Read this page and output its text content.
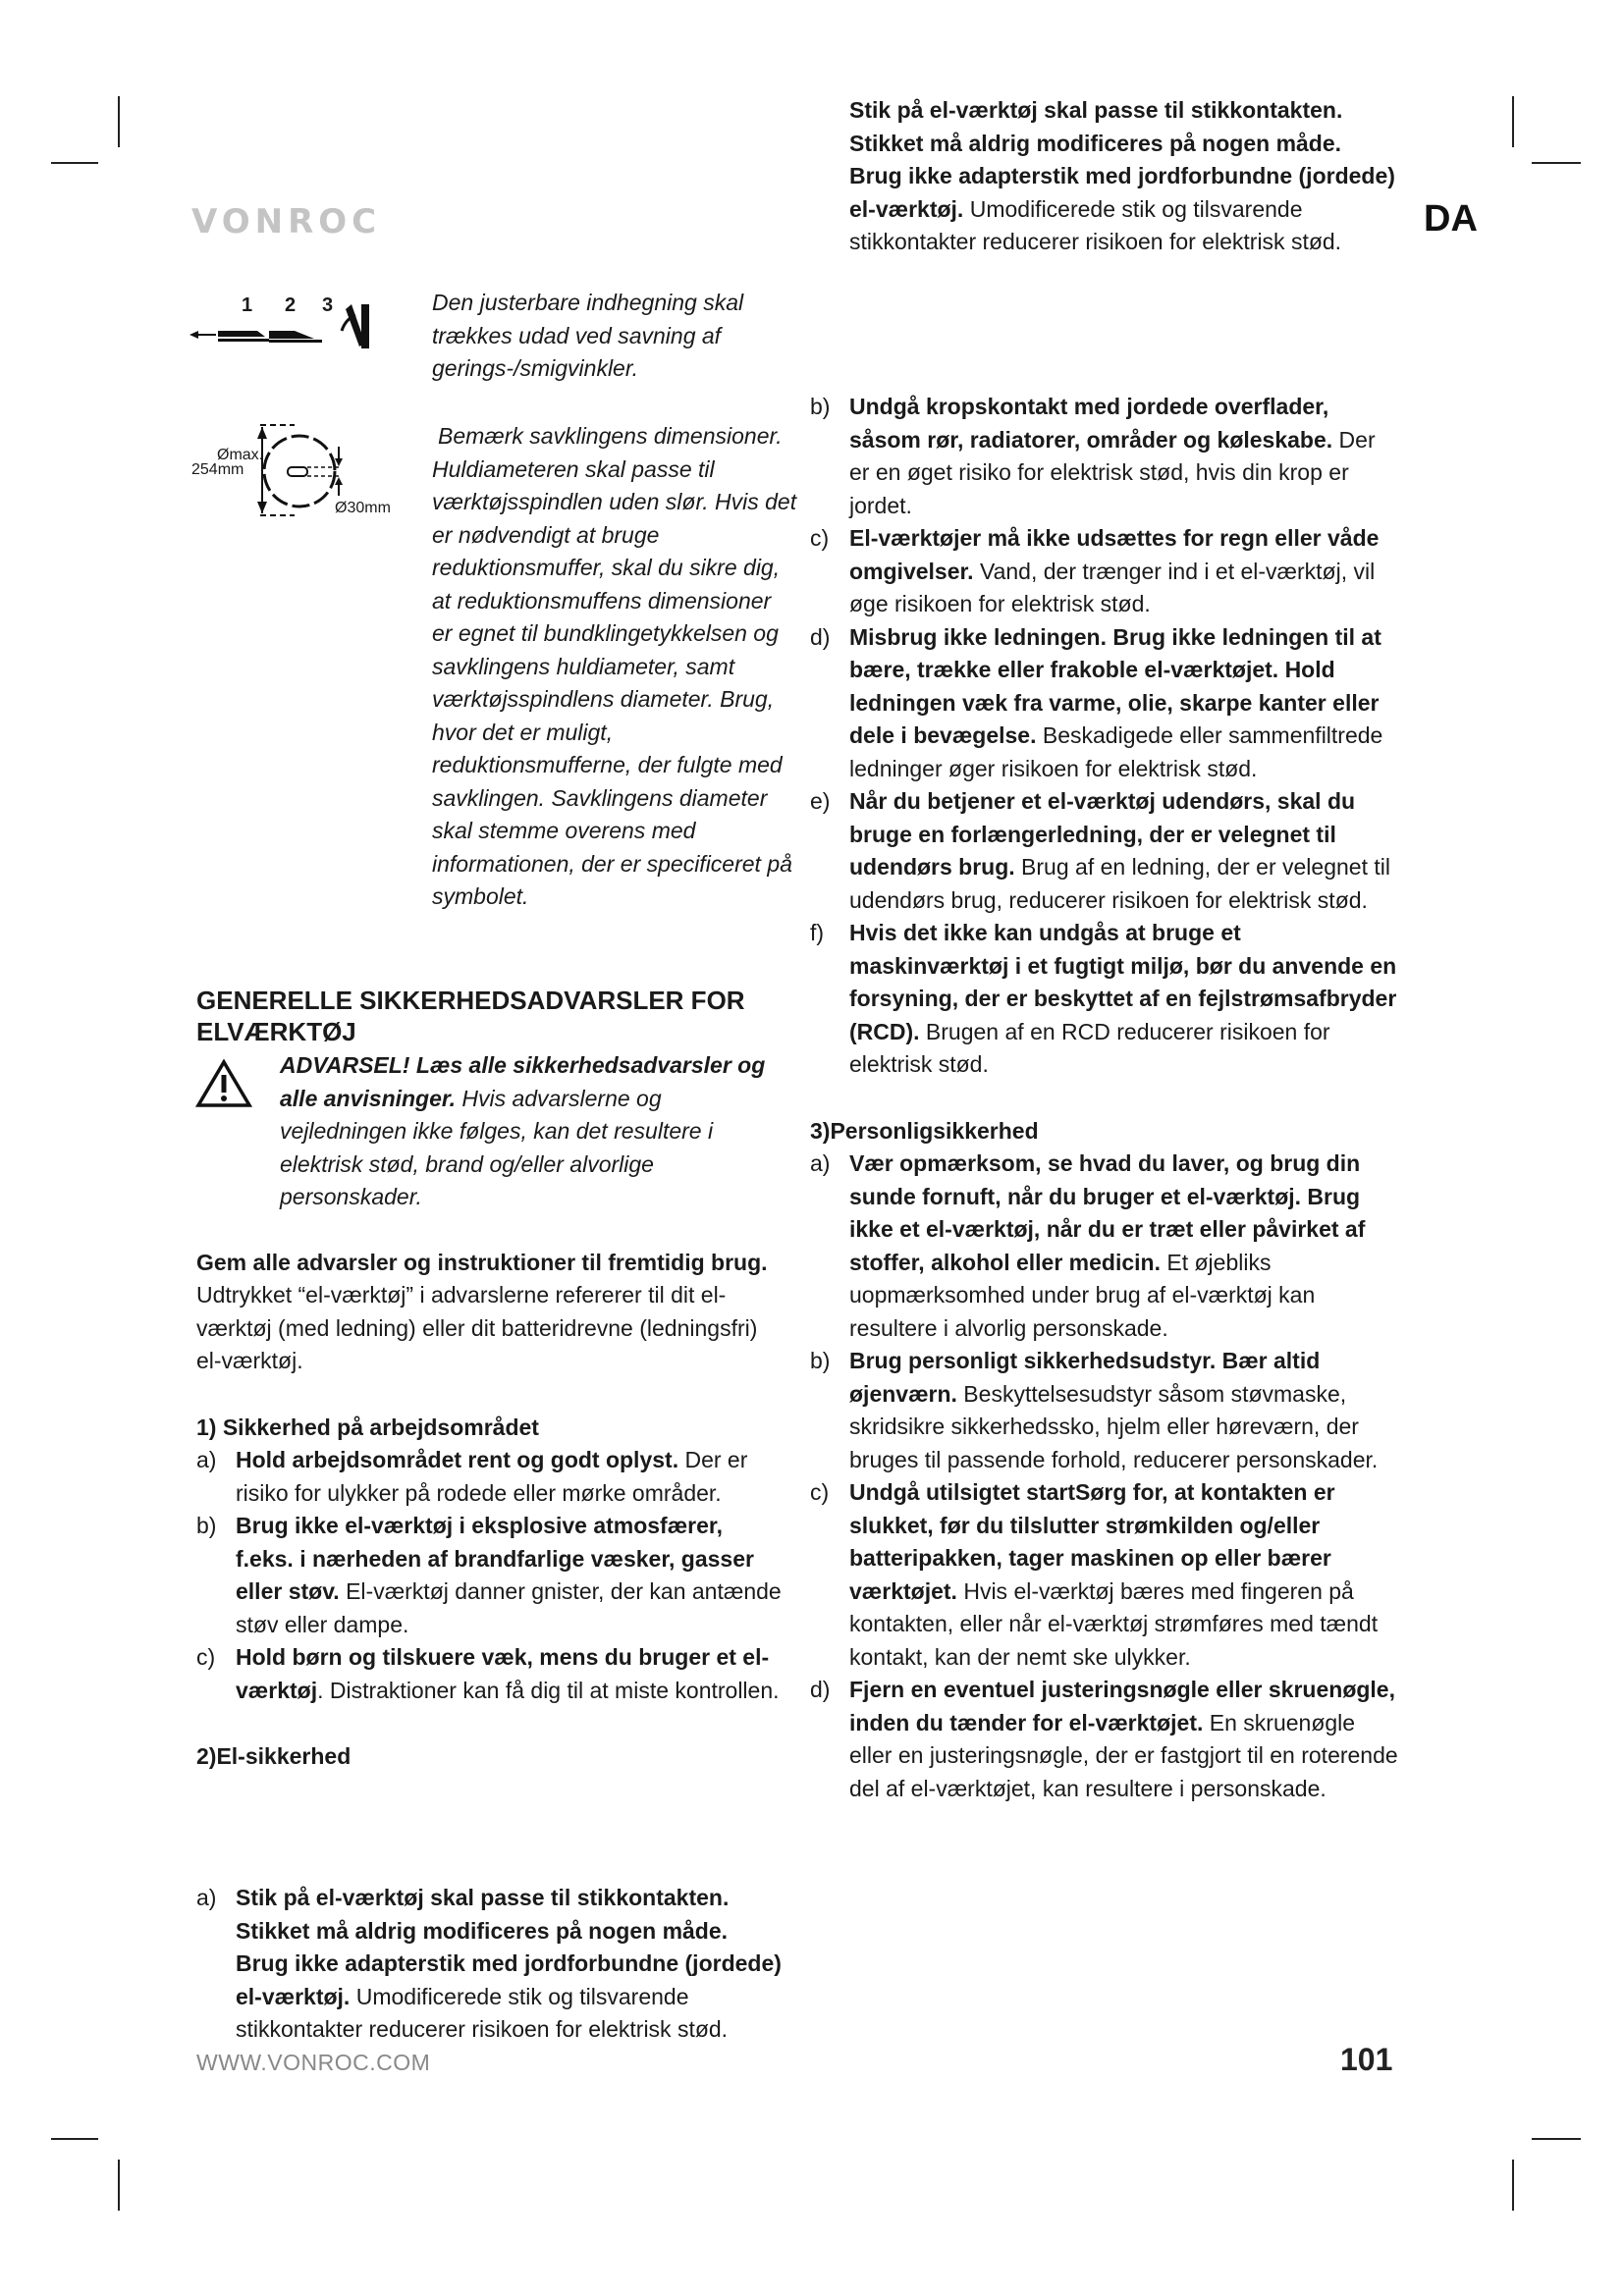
VONROC	DA
1 2 3
Ømax.
254mm
Ø30mm

Den justerbare indhegning skal trækkes udad ved savning af gerings-/smigvinkler.

Bemærk savklingens dimensioner. Huldiameteren skal passe til værktøjsspindlen uden slør. Hvis det er nødvendigt at bruge reduktionsmuffer, skal du sikre dig, at reduktionsmuffens dimensioner er egnet til bundklingetykkelsen og savklingens huldiameter, samt værktøjsspindlens diameter. Brug, hvor det er muligt, reduktionsmufferne, der fulgte med savklingen. Savklingens diameter skal stemme overens med informationen, der er specificeret på symbolet.

GENERELLE SIKKERHEDSADVARSLER FOR ELVÆRKTØJ

ADVARSEL! Læs alle sikkerhedsadvarsler og alle anvisninger. Hvis advarslerne og vejledningen ikke følges, kan det resultere i elektrisk stød, brand og/eller alvorlige personskader.

Gem alle advarsler og instruktioner til fremtidig brug.

Udtrykket “el-værktøj” i advarslerne refererer til dit el-værktøj (med ledning) eller dit batteridrevne (ledningsfri) el-værktøj.

1) Sikkerhed på arbejdsområdet

a) Hold arbejdsområdet rent og godt oplyst. Der er risiko for ulykker på rodede eller mørke områder.
b) Brug ikke el-værktøj i eksplosive atmosfærer, f.eks. i nærheden af brandfarlige væsker, gasser eller støv. El-værktøj danner gnister, der kan antænde støv eller dampe.
c) Hold børn og tilskuere væk, mens du bruger et el-værktøj. Distraktioner kan få dig til at miste kontrollen.

2)El-sikkerhed

a) Stik på el-værktøj skal passe til stikkontakten. Stikket må aldrig modificeres på nogen måde. Brug ikke adapterstik med jordforbundne (jordede) el-værktøj. Umodificerede stik og tilsvarende stikkontakter reducerer risikoen for elektrisk stød.
Stik på el-værktøj skal passe til stikkontakten. Stikket må aldrig modificeres på nogen måde. Brug ikke adapterstik med jordforbundne (jordede) el-værktøj. Umodificerede stik og tilsvarende stikkontakter reducerer risikoen for elektrisk stød.
b) Undgå kropskontakt med jordede overflader, såsom rør, radiatorer, områder og køleskabe. Der er en øget risiko for elektrisk stød, hvis din krop er jordet.
c) El-værktøjer må ikke udsættes for regn eller våde omgivelser. Vand, der trænger ind i et el-værktøj, vil øge risikoen for elektrisk stød.
d) Misbrug ikke ledningen. Brug ikke ledningen til at bære, trække eller frakoble el-værktøjet. Hold ledningen væk fra varme, olie, skarpe kanter eller dele i bevægelse. Beskadigede eller sammenfiltrede ledninger øger risikoen for elektrisk stød.
e) Når du betjener et el-værktøj udendørs, skal du bruge en forlængerledning, der er velegnet til udendørs brug. Brug af en ledning, der er velegnet til udendørs brug, reducerer risikoen for elektrisk stød.
f) Hvis det ikke kan undgås at bruge et maskinværktøj i et fugtigt miljø, bør du anvende en forsyning, der er beskyttet af en fejlstrømsafbryder (RCD). Brugen af en RCD reducerer risikoen for elektrisk stød.

3)Personligsikkerhed

a) Vær opmærksom, se hvad du laver, og brug din sunde fornuft, når du bruger et el-værktøj. Brug ikke et el-værktøj, når du er træt eller påvirket af stoffer, alkohol eller medicin. Et øjebliks uopmærksomhed under brug af el-værktøj kan resultere i alvorlig personskade.
b) Brug personligt sikkerhedsudstyr. Bær altid øjenværn. Beskyttelsesudstyr såsom støvmaske, skridsikre sikkerhedssko, hjelm eller høreværn, der bruges til passende forhold, reducerer personskader.
c) Undgå utilsigtet startSørg for, at kontakten er slukket, før du tilslutter strømkilden og/eller batteripakken, tager maskinen op eller bærer værktøjet. Hvis el-værktøj bæres med fingeren på kontakten, eller når el-værktøj strømføres med tændt kontakt, kan der nemt ske ulykker.
d) Fjern en eventuel justeringsnøgle eller skruenøgle, inden du tænder for el-værktøjet. En skruenøgle eller en justeringsnøgle, der er fastgjort til en roterende del af el-værktøjet, kan resultere i personskade.
WWW.VONROC.COM	101
